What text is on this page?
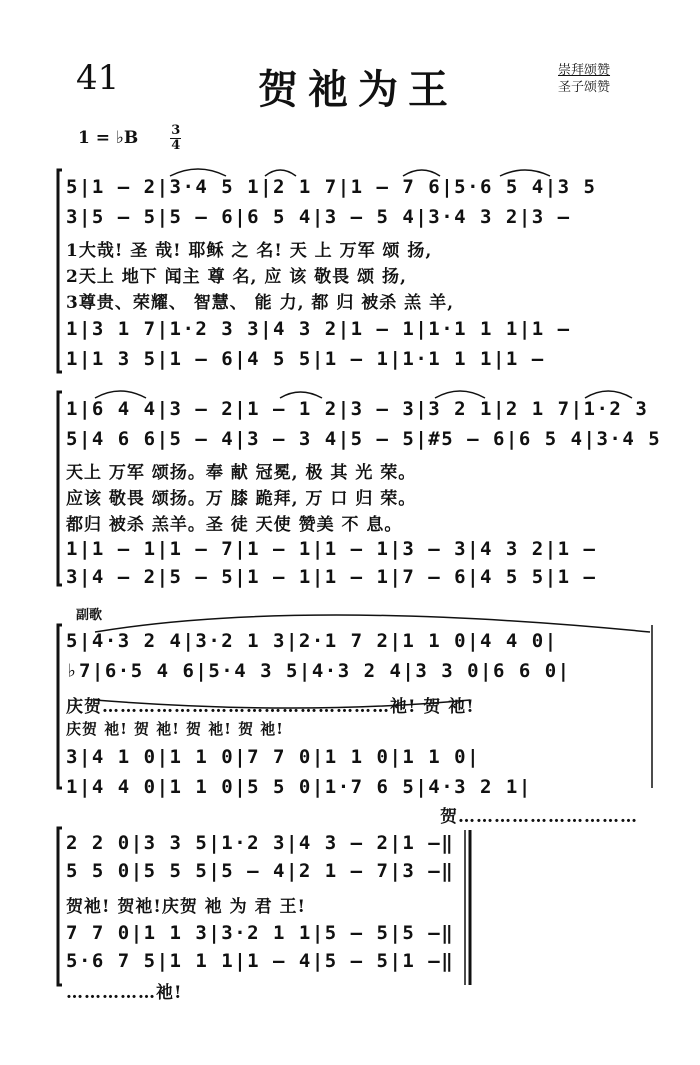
41	贺祂为王	崇拜颂赞
圣子颂赞
1 = ♭B $\frac{3}{4}$
5|1 – 2|3·4 5 1|2 1 7|1 – 7 6|5·6 5 4|3 5
3|5 – 5|5 – 6|6 5 4|3 – 5 4|3·4 3 2|3 –
1大哉! 圣 哉! 耶稣 之 名! 天 上 万军 颂 扬,
2天上 地下 闻主 尊 名, 应 该 敬畏 颂 扬,
3尊贵、荣耀、 智慧、 能 力, 都 归 被杀 羔 羊,
1|3 1 7|1·2 3 3|4 3 2|1 – 1|1·1 1 1|1 –
1|1 3 5|1 – 6|4 5 5|1 – 1|1·1 1 1|1 –
1|6 4 4|3 – 2|1 – 1 2|3 – 3|3 2 1|2 1 7|1·2 3
5|4 6 6|5 – 4|3 – 3 4|5 – 5|#5 – 6|6 5 4|3·4 5
天上 万军 颂扬。奉 献 冠冕, 极 其 光 荣。
应该 敬畏 颂扬。万 膝 跪拜, 万 口 归 荣。
都归 被杀 羔羊。圣 徒 天使 赞美 不 息。
1|1 – 1|1 – 7|1 – 1|1 – 1|3 – 3|4 3 2|1 –
3|4 – 2|5 – 5|1 – 1|1 – 1|7 – 6|4 5 5|1 –
副歌
5|4·3 2 4|3·2 1 3|2·1 7 2|1 1 0|4 4 0|
♭7|6·5 4 6|5·4 3 5|4·3 2 4|3 3 0|6 6 0|
庆贺…………………………………………祂! 贺 祂!
庆贺 祂! 贺 祂! 贺 祂! 贺 祂!
3|4 1 0|1 1 0|7 7 0|1 1 0|1 1 0|
1|4 4 0|1 1 0|5 5 0|1·7 6 5|4·3 2 1|
贺…………………………
2 2 0|3 3 5|1·2 3|4 3 – 2|1 –‖
5 5 0|5 5 5|5 – 4|2 1 – 7|3 –‖
贺祂! 贺祂!庆贺 祂 为 君 王!
7 7 0|1 1 3|3·2 1 1|5 – 5|5 –‖
5·6 7 5|1 1 1|1 – 4|5 – 5|1 –‖
……………祂!
